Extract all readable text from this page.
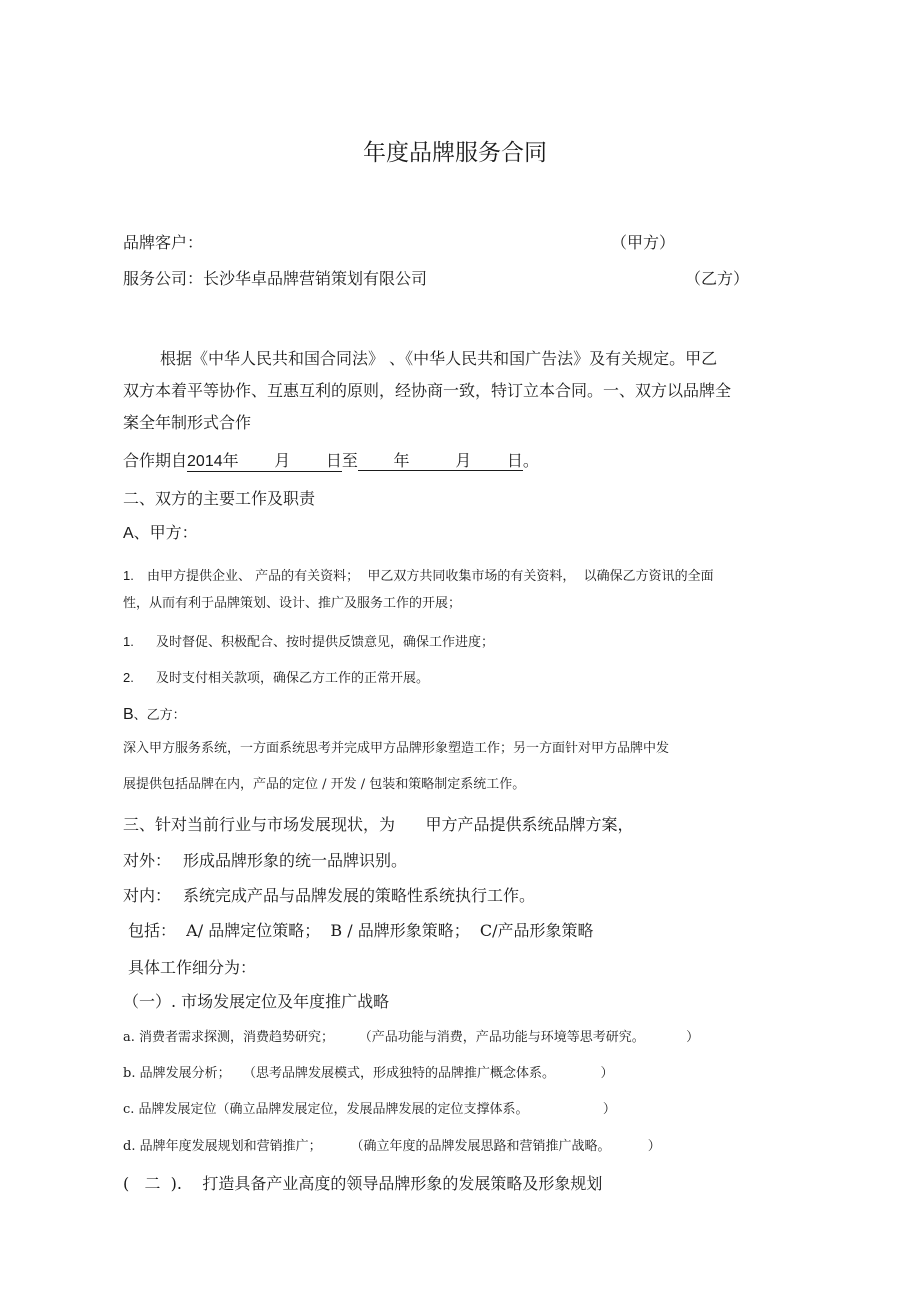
年度品牌服务合同
品牌客户：	（甲方）
服务公司：长沙华卓品牌营销策划有限公司	（乙方）
根据《中华人民共和国合同法》 、《中华人民共和国广告法》及有关规定。甲乙
双方本着平等协作、互惠互利的原则，经协商一致，特订立本合同。一、双方以品牌全
案全年制形式合作
合作期自2014年       月       日至       年         月       日。
二、双方的主要工作及职责
A、甲方：
1. 由甲方提供企业、 产品的有关资料；  甲乙双方共同收集市场的有关资料，  以确保乙方资讯的全面
性，从而有利于品牌策划、设计、推广及服务工作的开展；
1. 及时督促、积极配合、按时提供反馈意见，确保工作进度；
2. 及时支付相关款项，确保乙方工作的正常开展。
B、乙方：
深入甲方服务系统，一方面系统思考并完成甲方品牌形象塑造工作；另一方面针对甲方品牌中发
展提供包括品牌在内，产品的定位 / 开发 / 包装和策略制定系统工作。
三、针对当前行业与市场发展现状，为      甲方产品提供系统品牌方案，
对外： 形成品牌形象的统一品牌识别。
对内： 系统完成产品与品牌发展的策略性系统执行工作。
包括：  A/ 品牌定位策略；  B / 品牌形象策略；  C/产品形象策略
具体工作细分为：
（一）. 市场发展定位及年度推广战略
a. 消费者需求探测，消费趋势研究；      （产品功能与消费，产品功能与环境等思考研究。          ）
b. 品牌发展分析；   （思考品牌发展模式，形成独特的品牌推广概念体系。           ）
c. 品牌发展定位（确立品牌发展定位，发展品牌发展的定位支撑体系。                  ）
d. 品牌年度发展规划和营销推广；       （确立年度的品牌发展思路和营销推广战略。         ）
(   二  ).    打造具备产业高度的领导品牌形象的发展策略及形象规划
